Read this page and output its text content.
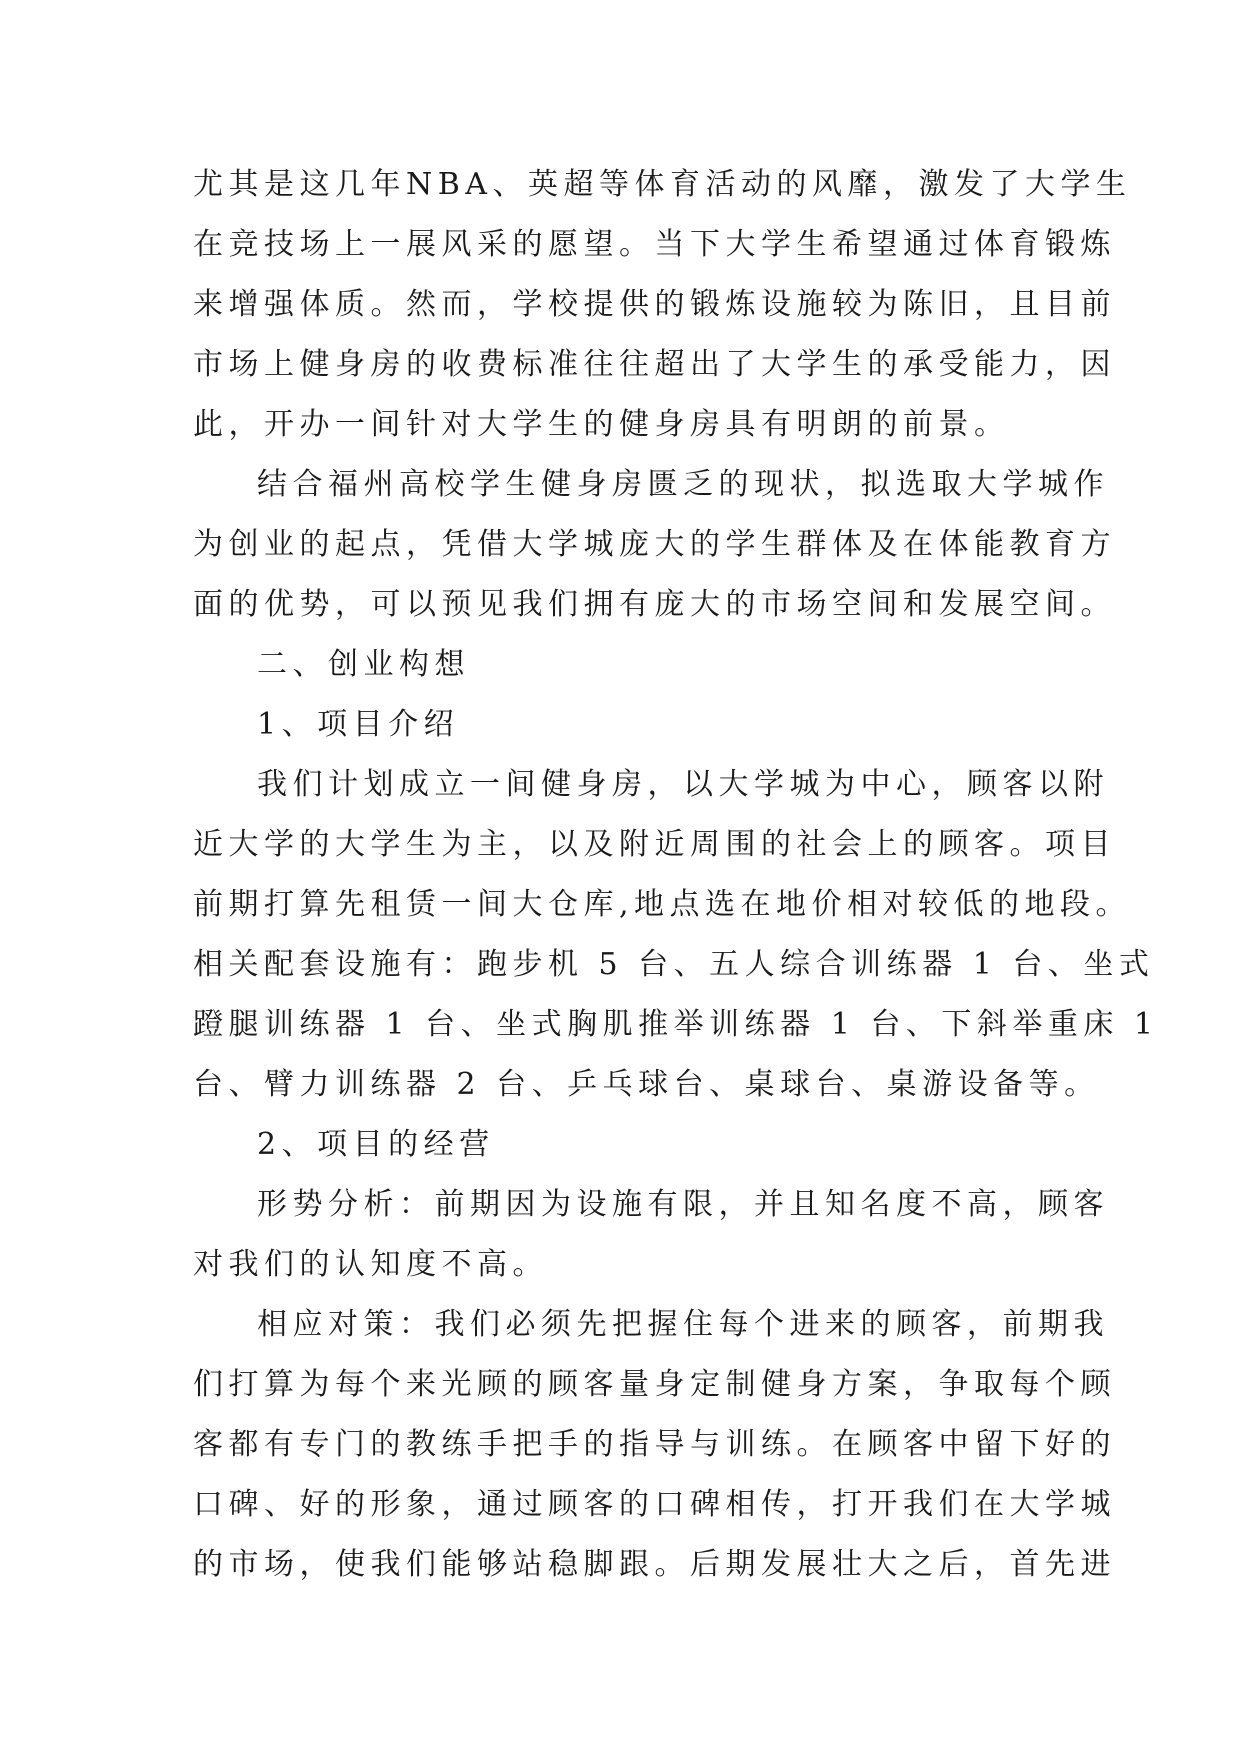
尤其是这几年NBA、英超等体育活动的风靡，激发了大学生
在竞技场上一展风采的愿望。当下大学生希望通过体育锻炼
来增强体质。然而，学校提供的锻炼设施较为陈旧，且目前
市场上健身房的收费标准往往超出了大学生的承受能力，因
此，开办一间针对大学生的健身房具有明朗的前景。
结合福州高校学生健身房匮乏的现状，拟选取大学城作
为创业的起点，凭借大学城庞大的学生群体及在体能教育方
面的优势，可以预见我们拥有庞大的市场空间和发展空间。
二、创业构想
1、项目介绍
我们计划成立一间健身房，以大学城为中心，顾客以附
近大学的大学生为主，以及附近周围的社会上的顾客。项目
前期打算先租赁一间大仓库,地点选在地价相对较低的地段。
相关配套设施有：跑步机 5 台、五人综合训练器 1 台、坐式
蹬腿训练器 1 台、坐式胸肌推举训练器 1 台、下斜举重床 1
台、臂力训练器 2 台、乒乓球台、桌球台、桌游设备等。
2、项目的经营
形势分析：前期因为设施有限，并且知名度不高，顾客
对我们的认知度不高。
相应对策：我们必须先把握住每个进来的顾客，前期我
们打算为每个来光顾的顾客量身定制健身方案，争取每个顾
客都有专门的教练手把手的指导与训练。在顾客中留下好的
口碑、好的形象，通过顾客的口碑相传，打开我们在大学城
的市场，使我们能够站稳脚跟。后期发展壮大之后，首先进
